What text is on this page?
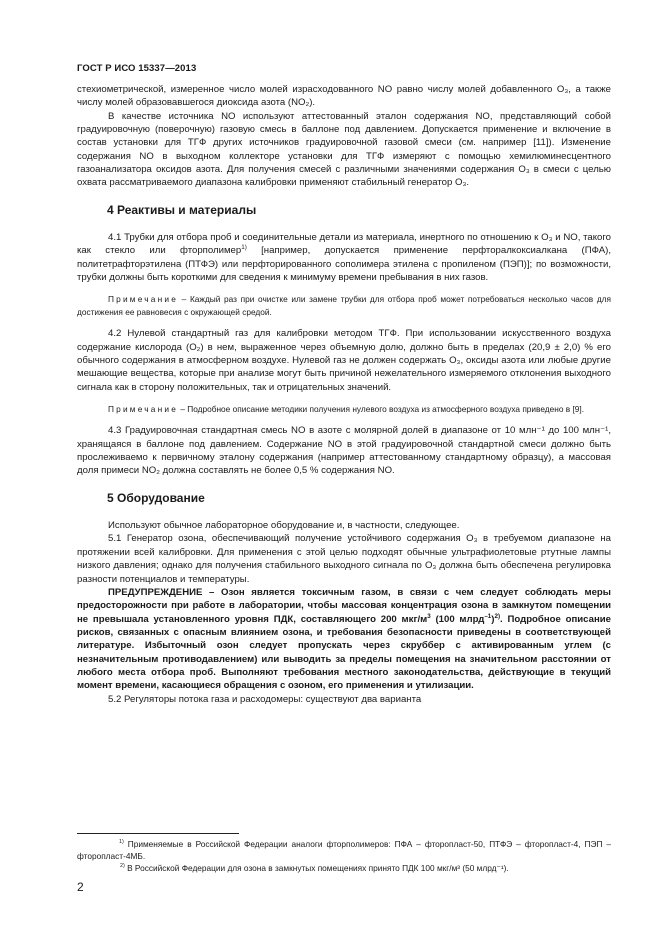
ГОСТ Р ИСО 15337—2013

стехиометрической, измеренное число молей израсходованного NO равно числу молей добавленного O₃, а также числу молей образовавшегося диоксида азота (NO₂).

В качестве источника NO используют аттестованный эталон содержания NO, представляющий собой градуировочную (поверочную) газовую смесь в баллоне под давлением. Допускается применение и включение в состав установки для ТГФ других источников градуировочной газовой смеси (см. например [11]). Изменение содержания NO в выходном коллекторе установки для ТГФ измеряют с помощью хемилюминесцентного газоанализатора оксидов азота. Для получения смесей с различными значениями содержания O₃ в смеси с целью охвата рассматриваемого диапазона калибровки применяют стабильный генератор O₃.

4 Реактивы и материалы

4.1 Трубки для отбора проб и соединительные детали из материала, инертного по отношению к O₃ и NO, такого как стекло или фторполимер$^{1)}$ [например, допускается применение перфторалкоксиалкана (ПФА), политетрафторэтилена (ПТФЭ) или перфторированного сополимера этилена с пропиленом (ПЭП)]; по возможности, трубки должны быть короткими для сведения к минимуму времени пребывания в них газов.

Примечание – Каждый раз при очистке или замене трубки для отбора проб может потребоваться несколько часов для достижения ее равновесия с окружающей средой.

4.2 Нулевой стандартный газ для калибровки методом ТГФ. При использовании искусственного воздуха содержание кислорода (O₂) в нем, выраженное через объемную долю, должно быть в пределах (20,9 ± 2,0) % его обычного содержания в атмосферном воздухе. Нулевой газ не должен содержать O₃, оксиды азота или любые другие мешающие вещества, которые при анализе могут быть причиной нежелательного измеряемого отклонения выходного сигнала как в сторону положительных, так и отрицательных значений.

Примечание – Подробное описание методики получения нулевого воздуха из атмосферного воздуха приведено в [9].

4.3 Градуировочная стандартная смесь NO в азоте с молярной долей в диапазоне от 10 млн⁻¹ до 100 млн⁻¹, хранящаяся в баллоне под давлением. Содержание NO в этой градуировочной стандартной смеси должно быть прослеживаемо к первичному эталону содержания (например аттестованному стандартному образцу), а массовая доля примеси NO₂ должна составлять не более 0,5 % содержания NO.

5 Оборудование

Используют обычное лабораторное оборудование и, в частности, следующее.

5.1 Генератор озона, обеспечивающий получение устойчивого содержания O₃ в требуемом диапазоне на протяжении всей калибровки. Для применения с этой целью подходят обычные ультрафиолетовые ртутные лампы низкого давления; однако для получения стабильного выходного сигнала по O₃ должна быть обеспечена регулировка разности потенциалов и температуры.

ПРЕДУПРЕЖДЕНИЕ – Озон является токсичным газом, в связи с чем следует соблюдать меры предосторожности при работе в лаборатории, чтобы массовая концентрация озона в замкнутом помещении не превышала установленного уровня ПДК, составляющего 200 мкг/$м^3$ (100 млрд$^{-1}$)$^{2)}$. Подробное описание рисков, связанных с опасным влиянием озона, и требования безопасности приведены в соответствующей литературе. Избыточный озон следует пропускать через скруббер с активированным углем (с незначительным противодавлением) или выводить за пределы помещения на значительном расстоянии от любого места отбора проб. Выполняют требования местного законодательства, действующие в текущий момент времени, касающиеся обращения с озоном, его применения и утилизации.

5.2 Регуляторы потока газа и расходомеры: существуют два варианта

$^{1)}$ Применяемые в Российской Федерации аналоги фторполимеров: ПФА – фторопласт-50, ПТФЭ – фторопласт-4, ПЭП – фторопласт-4МБ.
$^{2)}$ В Российской Федерации для озона в замкнутых помещениях принято ПДК 100 мкг/м³ (50 млрд⁻¹).
2
